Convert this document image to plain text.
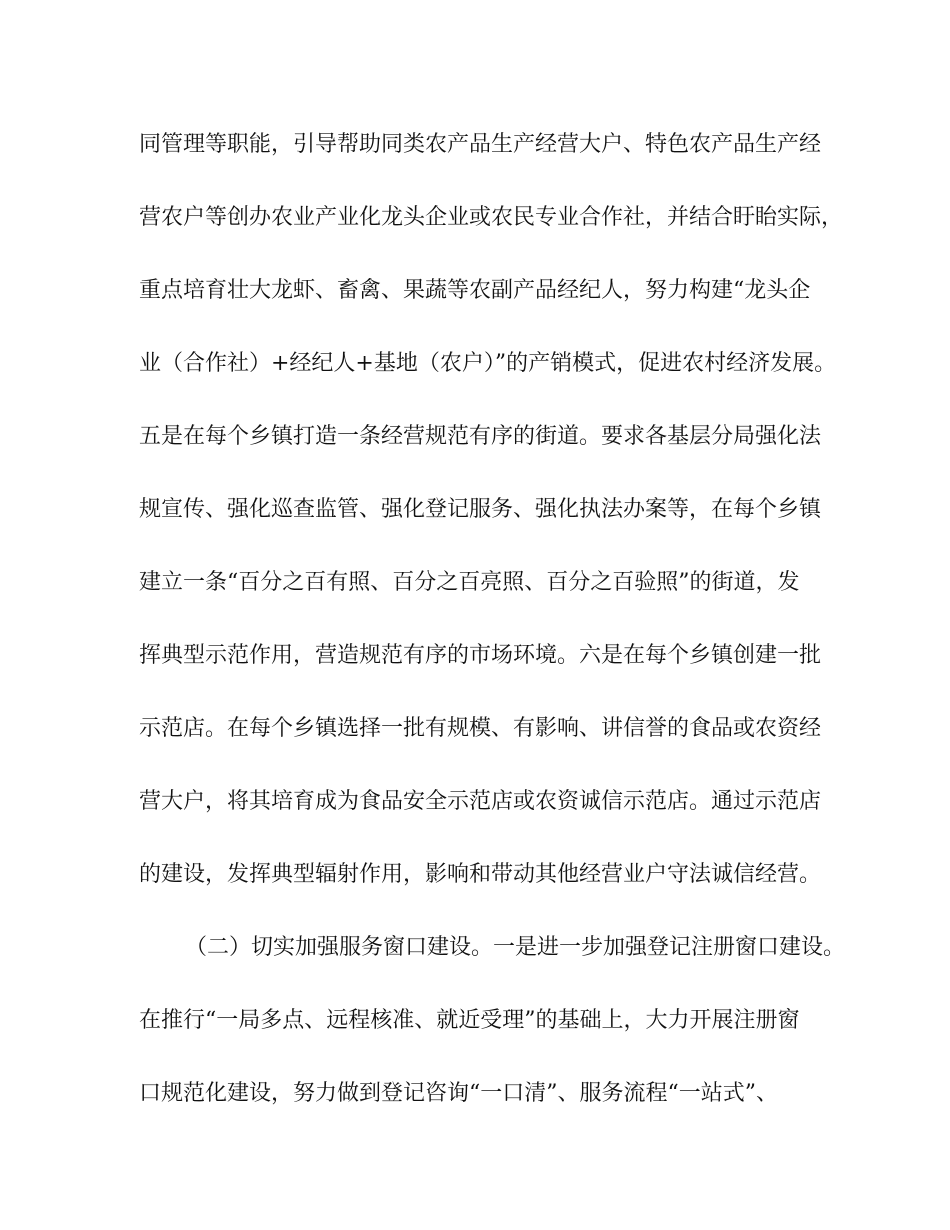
同管理等职能，引导帮助同类农产品生产经营大户、特色农产品生产经
营农户等创办农业产业化龙头企业或农民专业合作社，并结合盱眙实际，
重点培育壮大龙虾、畜禽、果蔬等农副产品经纪人，努力构建“龙头企
业（合作社）+经纪人+基地（农户）”的产销模式，促进农村经济发展。
五是在每个乡镇打造一条经营规范有序的街道。要求各基层分局强化法
规宣传、强化巡查监管、强化登记服务、强化执法办案等，在每个乡镇
建立一条“百分之百有照、百分之百亮照、百分之百验照”的街道，发
挥典型示范作用，营造规范有序的市场环境。六是在每个乡镇创建一批
示范店。在每个乡镇选择一批有规模、有影响、讲信誉的食品或农资经
营大户，将其培育成为食品安全示范店或农资诚信示范店。通过示范店
的建设，发挥典型辐射作用，影响和带动其他经营业户守法诚信经营。
（二）切实加强服务窗口建设。一是进一步加强登记注册窗口建设。
在推行“一局多点、远程核准、就近受理”的基础上，大力开展注册窗
口规范化建设，努力做到登记咨询“一口清”、服务流程“一站式”、
